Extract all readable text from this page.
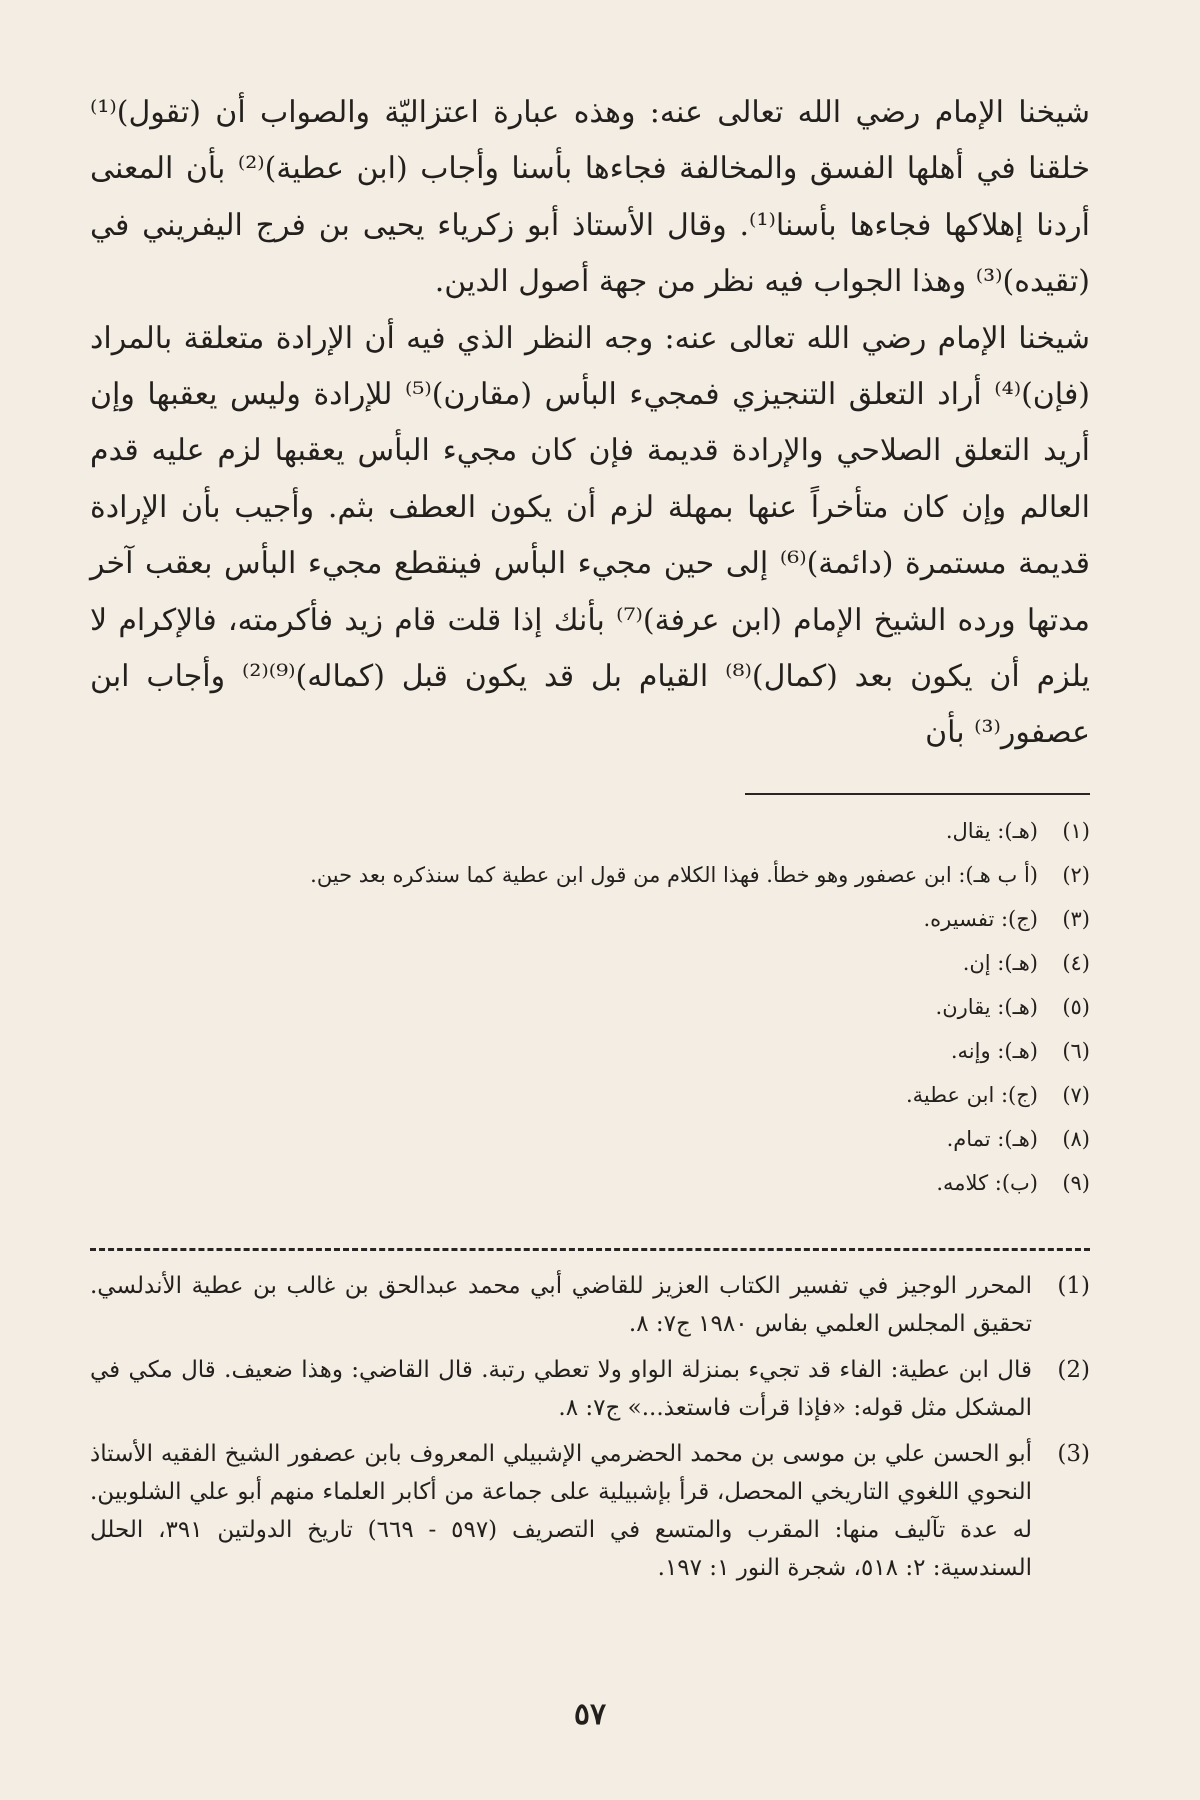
شيخنا الإمام رضي الله تعالى عنه: وهذه عبارة اعتزاليّة والصواب أن (تقول)⁽¹⁾ خلقنا في أهلها الفسق والمخالفة فجاءها بأسنا وأجاب (ابن عطية)⁽²⁾ بأن المعنى أردنا إهلاكها فجاءها بأسنا⁽¹⁾. وقال الأستاذ أبو زكرياء يحيى بن فرج اليفريني في (تقيده)⁽³⁾ وهذا الجواب فيه نظر من جهة أصول الدين.

شيخنا الإمام رضي الله تعالى عنه: وجه النظر الذي فيه أن الإرادة متعلقة بالمراد (فإن)⁽⁴⁾ أراد التعلق التنجيزي فمجيء البأس (مقارن)⁽⁵⁾ للإرادة وليس يعقبها وإن أريد التعلق الصلاحي والإرادة قديمة فإن كان مجيء البأس يعقبها لزم عليه قدم العالم وإن كان متأخراً عنها بمهلة لزم أن يكون العطف بثم. وأجيب بأن الإرادة قديمة مستمرة (دائمة)⁽⁶⁾ إلى حين مجيء البأس فينقطع مجيء البأس بعقب آخر مدتها ورده الشيخ الإمام (ابن عرفة)⁽⁷⁾ بأنك إذا قلت قام زيد فأكرمته، فالإكرام لا يلزم أن يكون بعد (كمال)⁽⁸⁾ القيام بل قد يكون قبل (كماله)⁽⁹⁾⁽²⁾ وأجاب ابن عصفور⁽³⁾ بأن

(١)
(هـ): يقال.
(٢)
(أ ب هـ): ابن عصفور وهو خطأ. فهذا الكلام من قول ابن عطية كما سنذكره بعد حين.
(٣)
(ج): تفسيره.
(٤)
(هـ): إن.
(٥)
(هـ): يقارن.
(٦)
(هـ): وإنه.
(٧)
(ج): ابن عطية.
(٨)
(هـ): تمام.
(٩)
(ب): كلامه.
(1)
المحرر الوجيز في تفسير الكتاب العزيز للقاضي أبي محمد عبدالحق بن غالب بن عطية الأندلسي. تحقيق المجلس العلمي بفاس ١٩٨٠ ج٧: ٨.
(2)
قال ابن عطية: الفاء قد تجيء بمنزلة الواو ولا تعطي رتبة. قال القاضي: وهذا ضعيف. قال مكي في المشكل مثل قوله: «فإذا قرأت فاستعذ...» ج٧: ٨.
(3)
أبو الحسن علي بن موسى بن محمد الحضرمي الإشبيلي المعروف بابن عصفور الشيخ الفقيه الأستاذ النحوي اللغوي التاريخي المحصل، قرأ بإشبيلية على جماعة من أكابر العلماء منهم أبو علي الشلوبين. له عدة تآليف منها: المقرب والمتسع في التصريف (٥٩٧ - ٦٦٩) تاريخ الدولتين ٣٩١، الحلل السندسية: ٢: ٥١٨، شجرة النور ١: ١٩٧.
٥٧
